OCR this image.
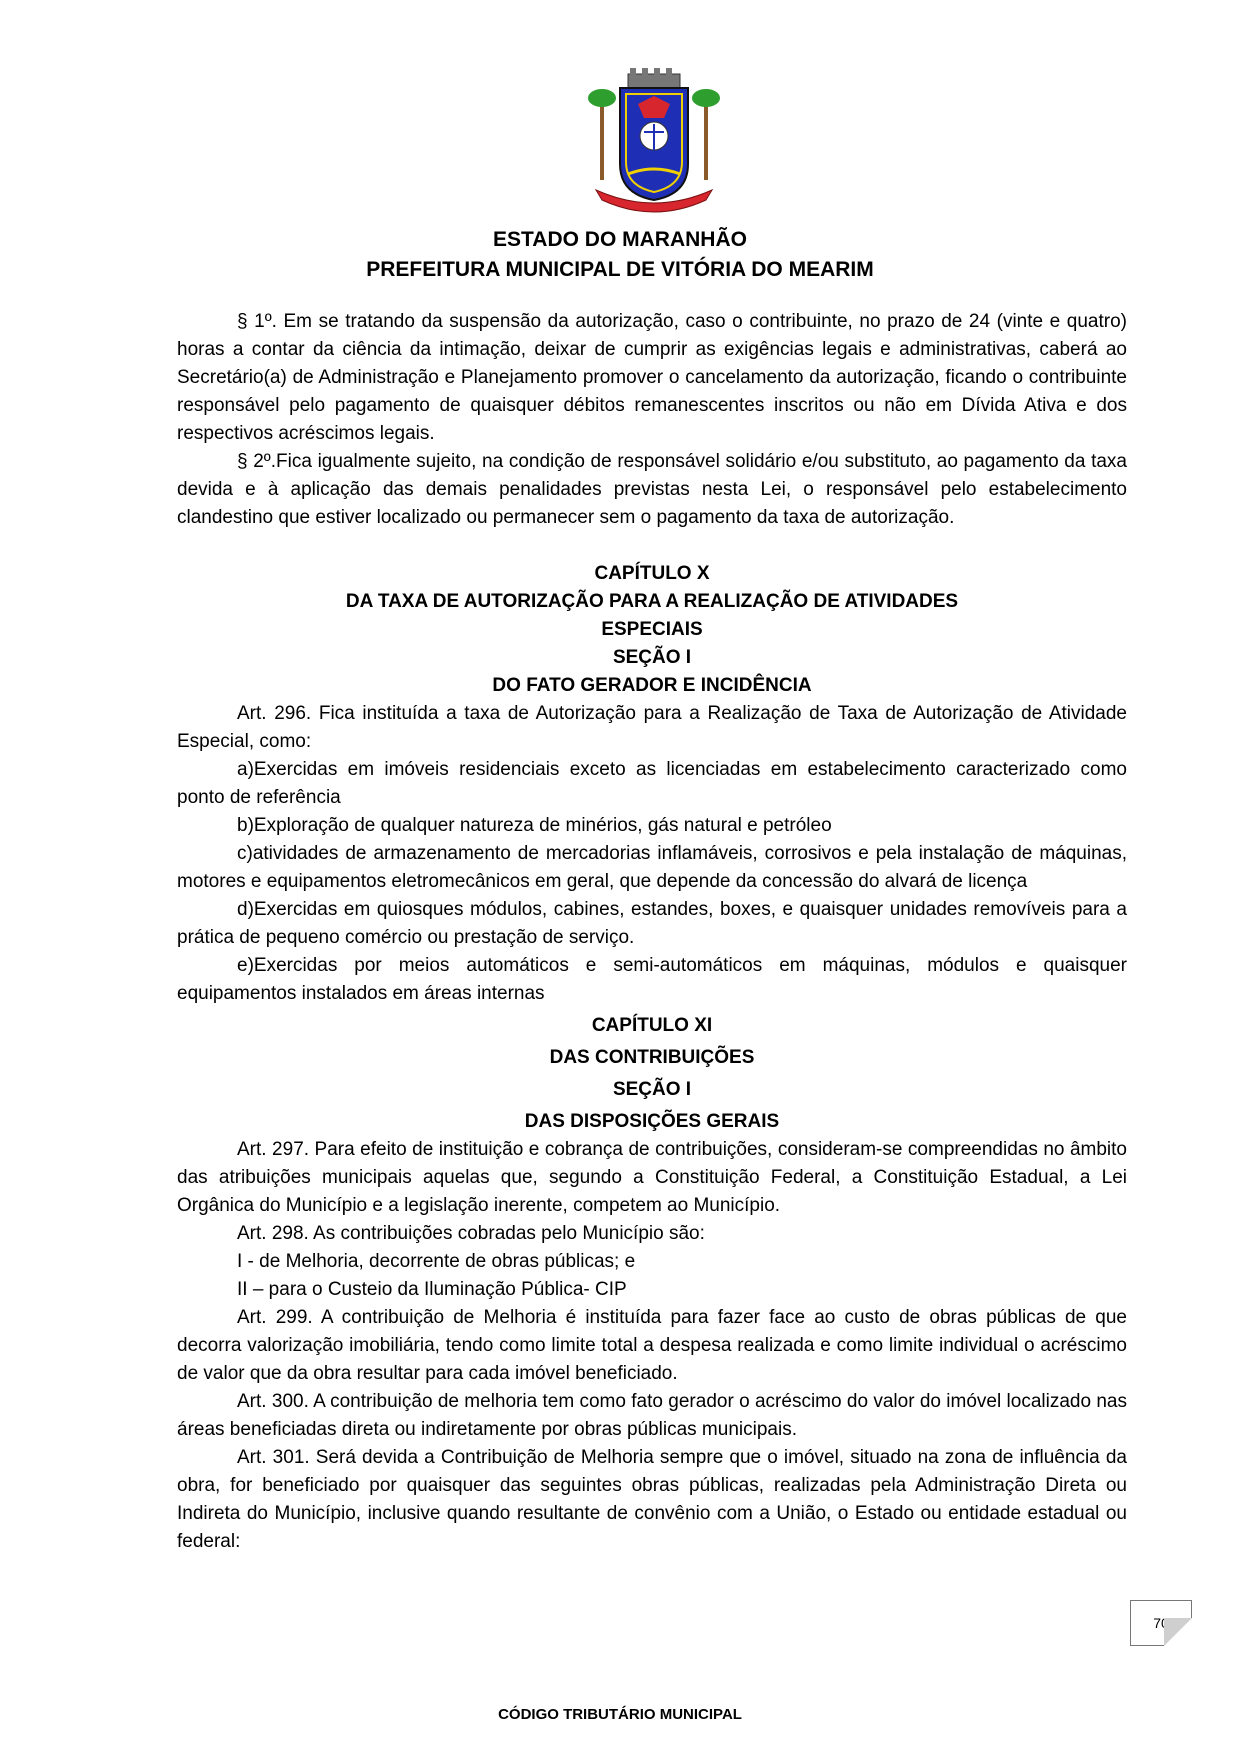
ESTADO DO MARANHÃO
PREFEITURA MUNICIPAL DE VITÓRIA DO MEARIM

§ 1º. Em se tratando da suspensão da autorização, caso o contribuinte, no prazo de 24 (vinte e quatro) horas a contar da ciência da intimação, deixar de cumprir as exigências legais e administrativas, caberá ao Secretário(a) de Administração e Planejamento promover o cancelamento da autorização, ficando o contribuinte responsável pelo pagamento de quaisquer débitos remanescentes inscritos ou não em Dívida Ativa e dos respectivos acréscimos legais.

§ 2º.Fica igualmente sujeito, na condição de responsável solidário e/ou substituto, ao pagamento da taxa devida e à aplicação das demais penalidades previstas nesta Lei, o responsável pelo estabelecimento clandestino que estiver localizado ou permanecer sem o pagamento da taxa de autorização.

CAPÍTULO X

DA TAXA DE AUTORIZAÇÃO PARA A REALIZAÇÃO DE ATIVIDADES

ESPECIAIS

SEÇÃO I

DO FATO GERADOR E INCIDÊNCIA

Art. 296. Fica instituída a taxa de Autorização para a Realização de Taxa de Autorização de Atividade Especial, como:

a)Exercidas em imóveis residenciais exceto as licenciadas em estabelecimento caracterizado como ponto de referência

b)Exploração de qualquer natureza de minérios, gás natural e petróleo

c)atividades de armazenamento de mercadorias inflamáveis, corrosivos e pela instalação de máquinas, motores e equipamentos eletromecânicos em geral, que depende da concessão do alvará de licença

d)Exercidas em quiosques módulos, cabines, estandes, boxes, e quaisquer unidades removíveis para a prática de pequeno comércio ou prestação de serviço.

e)Exercidas por meios automáticos e semi-automáticos em máquinas, módulos e quaisquer equipamentos instalados em áreas internas

CAPÍTULO XI

DAS CONTRIBUIÇÕES

SEÇÃO I

DAS DISPOSIÇÕES GERAIS

Art. 297. Para efeito de instituição e cobrança de contribuições, consideram-se compreendidas no âmbito das atribuições municipais aquelas que, segundo a Constituição Federal, a Constituição Estadual, a Lei Orgânica do Município e a legislação inerente, competem ao Município.

Art. 298. As contribuições cobradas pelo Município são:

I - de Melhoria, decorrente de obras públicas; e

II – para o Custeio da Iluminação Pública- CIP

Art. 299. A contribuição de Melhoria é instituída para fazer face ao custo de obras públicas de que decorra valorização imobiliária, tendo como limite total a despesa realizada e como limite individual o acréscimo de valor que da obra resultar para cada imóvel beneficiado.

Art. 300. A contribuição de melhoria tem como fato gerador o acréscimo do valor do imóvel localizado nas áreas beneficiadas direta ou indiretamente por obras públicas municipais.

Art. 301. Será devida a Contribuição de Melhoria sempre que o imóvel, situado na zona de influência da obra, for beneficiado por quaisquer das seguintes obras públicas, realizadas pela Administração Direta ou Indireta do Município, inclusive quando resultante de convênio com a União, o Estado ou entidade estadual ou federal:

70
CÓDIGO TRIBUTÁRIO MUNICIPAL
